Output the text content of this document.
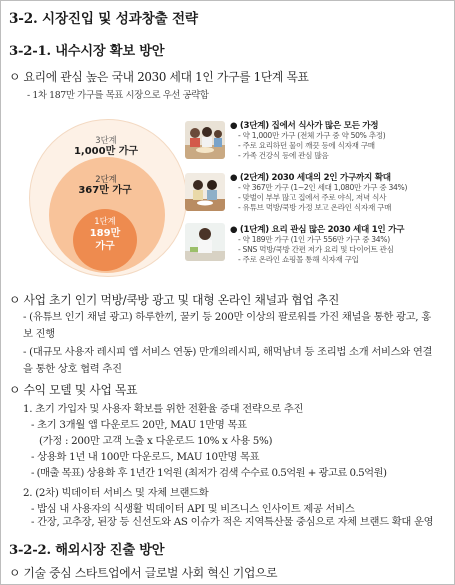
3-2. 시장진입 및 성과창출 전략
3-2-1. 내수시장 확보 방안
ㅇ 요리에 관심 높은 국내 2030 세대 1인 가구를 1단계 목표
- 1차 187만 가구를 목표 시장으로 우선 공략함
3단계
1,000만 가구
2단계
367만 가구
1단계
189만
가구
● (3단계) 집에서 식사가 많은 모든 가정
- 약 1,000만 가구 (전체 가구 중 약 50% 추정)
- 주로 요리하던 물이 깨끗 등에 식자재 구매
- 가족 건강식 등에 관심 많음
● (2단계) 2030 세대의 2인 가구까지 확대
- 약 367만 가구 (1~2인 세대 1,080만 가구 중 34%)
- 맞벌이 부부 많고 집에서 주로 야식, 저녁 식사
- 유튜브 먹방/쿡방 가정 보고 온라인 식자재 구매
● (1단계) 요리 관심 많은 2030 세대 1인 가구
- 약 189만 가구 (1인 가구 556만 가구 중 34%)
- SNS 먹방/쿡방 간편 저가 요리 및 다이어트 관심
- 주로 온라인 쇼핑몰 통해 식자재 구입
ㅇ 사업 초기 인기 먹방/쿡방 광고 및 대형 온라인 채널과 협업 추진
- (유튜브 인기 채널 광고) 하루한끼, 꿀키 등 200만 이상의 팔로워를 가진 채널을 통한 광고, 홍보 진행
- (대규모 사용자 레시피 앱 서비스 연동) 만개의레시피, 해먹남녀 등 조리법 소개 서비스와 연결을 통한 상호 협력 추진
ㅇ 수익 모델 및 사업 목표
1. 초기 가입자 및 사용자 확보를 위한 전환율 증대 전략으로 추진
- 초기 3개월 앱 다운로드 20만, MAU 1만명 목표
(가정 : 200만 고객 노출 x 다운로드 10% x 사용 5%)
- 상용화 1년 내 100만 다운로드, MAU 10만명 목표
- (매출 목표) 상용화 후 1년간 1억원 (최저가 검색 수수료 0.5억원 + 광고료 0.5억원)
2. (2차) 빅데이터 서비스 및 자체 브랜드화
- 밥심 내 사용자의 식생활 빅데이터 API 및 비즈니스 인사이트 제공 서비스
- 간장, 고추장, 된장 등 신선도와 AS 이슈가 적은 지역특산물 중심으로 자체 브랜드 확대 운영
3-2-2. 해외시장 진출 방안
ㅇ 기술 중심 스타트업에서 글로벌 사회 혁신 기업으로
